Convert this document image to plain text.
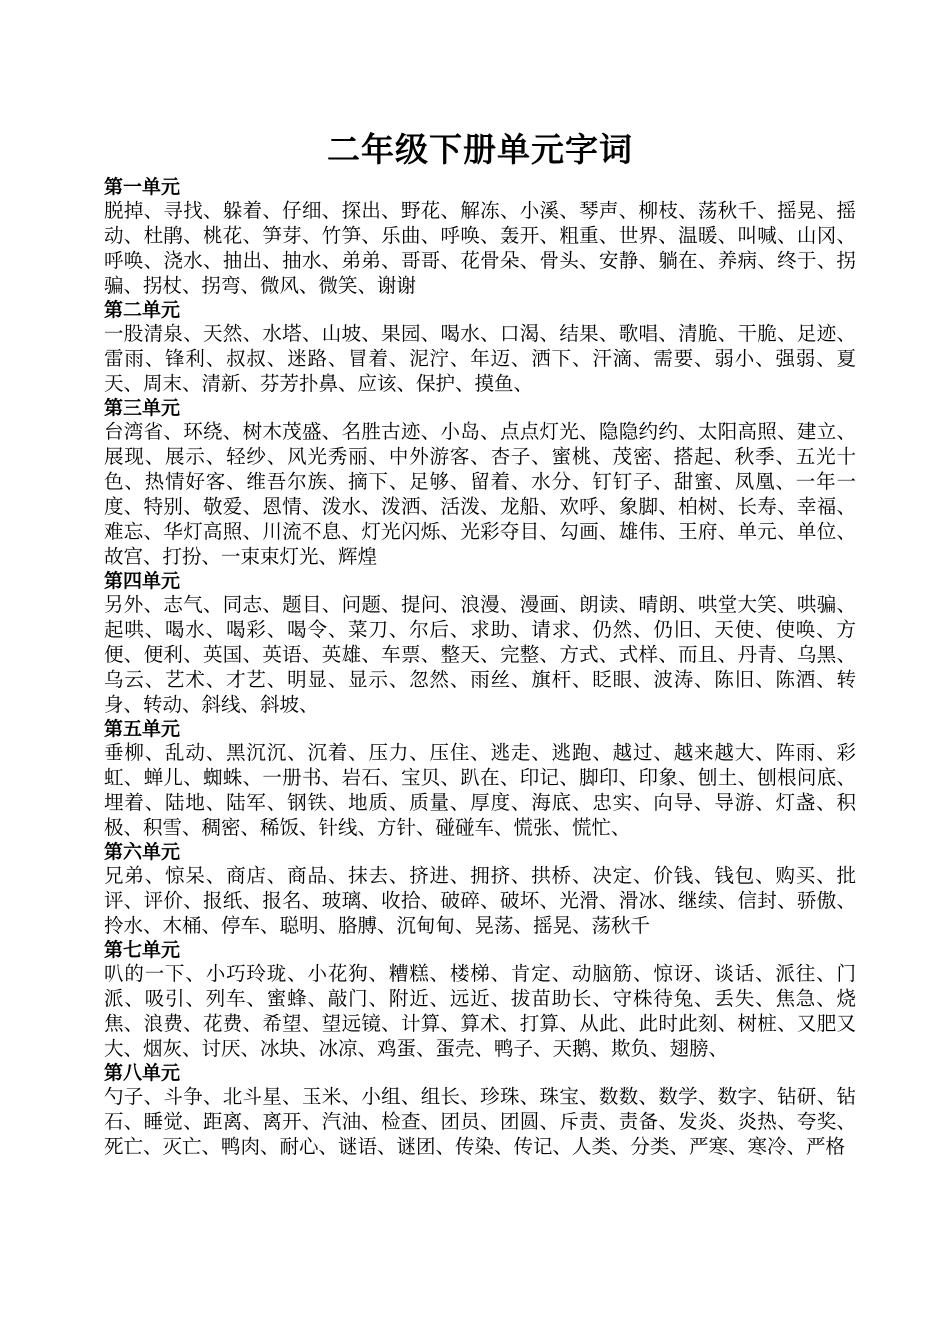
二年级下册单元字词
第一单元

脱掉、寻找、躲着、仔细、探出、野花、解冻、小溪、琴声、柳枝、荡秋千、摇晃、摇动、杜鹃、桃花、笋芽、竹笋、乐曲、呼唤、轰开、粗重、世界、温暖、叫喊、山冈、呼唤、浇水、抽出、抽水、弟弟、哥哥、花骨朵、骨头、安静、躺在、养病、终于、拐骗、拐杖、拐弯、微风、微笑、谢谢

第二单元

一股清泉、天然、水塔、山坡、果园、喝水、口渴、结果、歌唱、清脆、干脆、足迹、雷雨、锋利、叔叔、迷路、冒着、泥泞、年迈、洒下、汗滴、需要、弱小、强弱、夏天、周末、清新、芬芳扑鼻、应该、保护、摸鱼、

第三单元

台湾省、环绕、树木茂盛、名胜古迹、小岛、点点灯光、隐隐约约、太阳高照、建立、展现、展示、轻纱、风光秀丽、中外游客、杏子、蜜桃、茂密、搭起、秋季、五光十色、热情好客、维吾尔族、摘下、足够、留着、水分、钉钉子、甜蜜、凤凰、一年一度、特别、敬爱、恩情、泼水、泼洒、活泼、龙船、欢呼、象脚、柏树、长寿、幸福、难忘、华灯高照、川流不息、灯光闪烁、光彩夺目、勾画、雄伟、王府、单元、单位、故宫、打扮、一束束灯光、辉煌

第四单元

另外、志气、同志、题目、问题、提问、浪漫、漫画、朗读、晴朗、哄堂大笑、哄骗、起哄、喝水、喝彩、喝令、菜刀、尔后、求助、请求、仍然、仍旧、天使、使唤、方便、便利、英国、英语、英雄、车票、整天、完整、方式、式样、而且、丹青、乌黑、乌云、艺术、才艺、明显、显示、忽然、雨丝、旗杆、眨眼、波涛、陈旧、陈酒、转身、转动、斜线、斜坡、

第五单元

垂柳、乱动、黑沉沉、沉着、压力、压住、逃走、逃跑、越过、越来越大、阵雨、彩虹、蝉儿、蜘蛛、一册书、岩石、宝贝、趴在、印记、脚印、印象、刨土、刨根问底、埋着、陆地、陆军、钢铁、地质、质量、厚度、海底、忠实、向导、导游、灯盏、积极、积雪、稠密、稀饭、针线、方针、碰碰车、慌张、慌忙、

第六单元

兄弟、惊呆、商店、商品、抹去、挤进、拥挤、拱桥、决定、价钱、钱包、购买、批评、评价、报纸、报名、玻璃、收拾、破碎、破坏、光滑、滑冰、继续、信封、骄傲、拎水、木桶、停车、聪明、胳膊、沉甸甸、晃荡、摇晃、荡秋千

第七单元

叭的一下、小巧玲珑、小花狗、糟糕、楼梯、肯定、动脑筋、惊讶、谈话、派往、门派、吸引、列车、蜜蜂、敲门、附近、远近、拔苗助长、守株待兔、丢失、焦急、烧焦、浪费、花费、希望、望远镜、计算、算术、打算、从此、此时此刻、树桩、又肥又大、烟灰、讨厌、冰块、冰凉、鸡蛋、蛋壳、鸭子、天鹅、欺负、翅膀、

第八单元

勺子、斗争、北斗星、玉米、小组、组长、珍珠、珠宝、数数、数学、数字、钻研、钻石、睡觉、距离、离开、汽油、检查、团员、团圆、斥责、责备、发炎、炎热、夸奖、死亡、灭亡、鸭肉、耐心、谜语、谜团、传染、传记、人类、分类、严寒、寒冷、严格
